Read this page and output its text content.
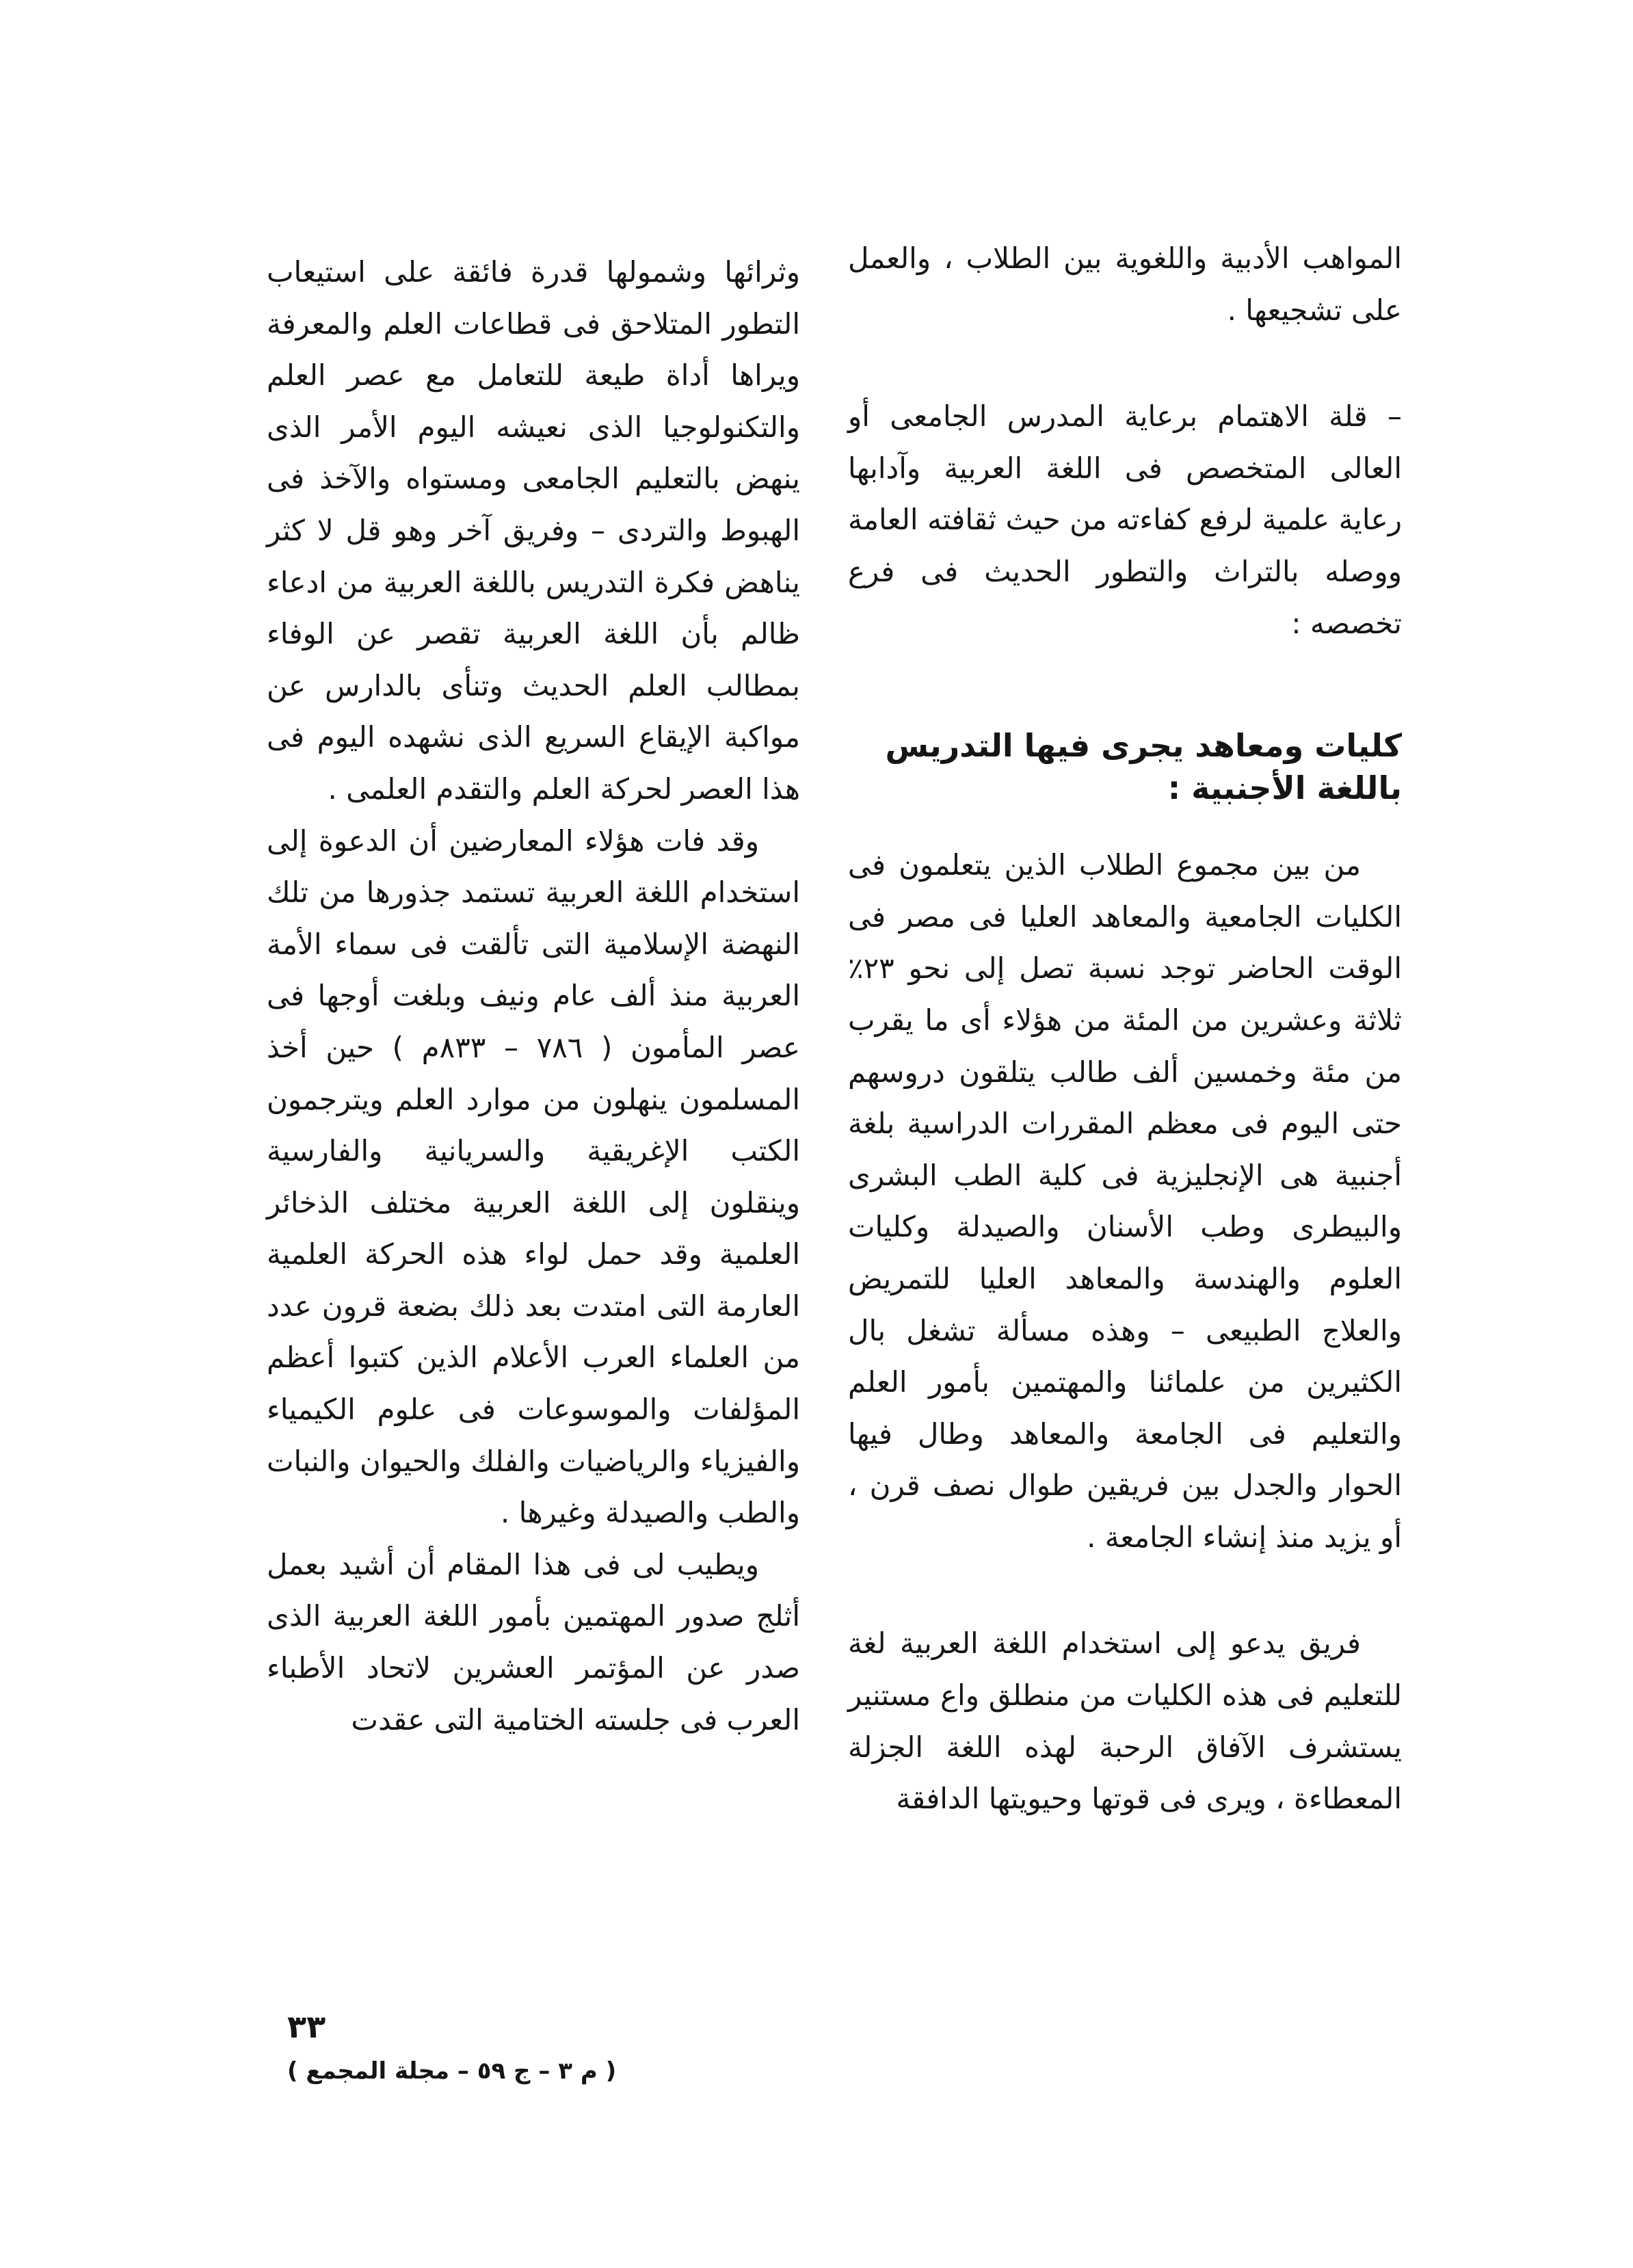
المواهب الأدبية واللغوية بين الطلاب ، والعمل على تشجيعها .

– قلة الاهتمام برعاية المدرس الجامعى أو العالى المتخصص فى اللغة العربية وآدابها رعاية علمية لرفع كفاءته من حيث ثقافته العامة ووصله بالتراث والتطور الحديث فى فرع تخصصه :

كليات ومعاهد يجرى فيها التدريس باللغة الأجنبية :

من بين مجموع الطلاب الذين يتعلمون فى الكليات الجامعية والمعاهد العليا فى مصر فى الوقت الحاضر توجد نسبة تصل إلى نحو ٢٣٪ ثلاثة وعشرين من المئة من هؤلاء أى ما يقرب من مئة وخمسين ألف طالب يتلقون دروسهم حتى اليوم فى معظم المقررات الدراسية بلغة أجنبية هى الإنجليزية فى كلية الطب البشرى والبيطرى وطب الأسنان والصيدلة وكليات العلوم والهندسة والمعاهد العليا للتمريض والعلاج الطبيعى – وهذه مسألة تشغل بال الكثيرين من علمائنا والمهتمين بأمور العلم والتعليم فى الجامعة والمعاهد وطال فيها الحوار والجدل بين فريقين طوال نصف قرن ، أو يزيد منذ إنشاء الجامعة .

فريق يدعو إلى استخدام اللغة العربية لغة للتعليم فى هذه الكليات من منطلق واع مستنير يستشرف الآفاق الرحبة لهذه اللغة الجزلة المعطاءة ، ويرى فى قوتها وحيويتها الدافقة

وثرائها وشمولها قدرة فائقة على استيعاب التطور المتلاحق فى قطاعات العلم والمعرفة ويراها أداة طيعة للتعامل مع عصر العلم والتكنولوجيا الذى نعيشه اليوم الأمر الذى ينهض بالتعليم الجامعى ومستواه والآخذ فى الهبوط والتردى – وفريق آخر وهو قل لا كثر يناهض فكرة التدريس باللغة العربية من ادعاء ظالم بأن اللغة العربية تقصر عن الوفاء بمطالب العلم الحديث وتنأى بالدارس عن مواكبة الإيقاع السريع الذى نشهده اليوم فى هذا العصر لحركة العلم والتقدم العلمى .

وقد فات هؤلاء المعارضين أن الدعوة إلى استخدام اللغة العربية تستمد جذورها من تلك النهضة الإسلامية التى تألقت فى سماء الأمة العربية منذ ألف عام ونيف وبلغت أوجها فى عصر المأمون ( ٧٨٦ – ٨٣٣م ) حين أخذ المسلمون ينهلون من موارد العلم ويترجمون الكتب الإغريقية والسريانية والفارسية وينقلون إلى اللغة العربية مختلف الذخائر العلمية وقد حمل لواء هذه الحركة العلمية العارمة التى امتدت بعد ذلك بضعة قرون عدد من العلماء العرب الأعلام الذين كتبوا أعظم المؤلفات والموسوعات فى علوم الكيمياء والفيزياء والرياضيات والفلك والحيوان والنبات والطب والصيدلة وغيرها .

ويطيب لى فى هذا المقام أن أشيد بعمل أثلج صدور المهتمين بأمور اللغة العربية الذى صدر عن المؤتمر العشرين لاتحاد الأطباء العرب فى جلسته الختامية التى عقدت

٣٣
( م ٣ – ج ٥٩ – مجلة المجمع )
